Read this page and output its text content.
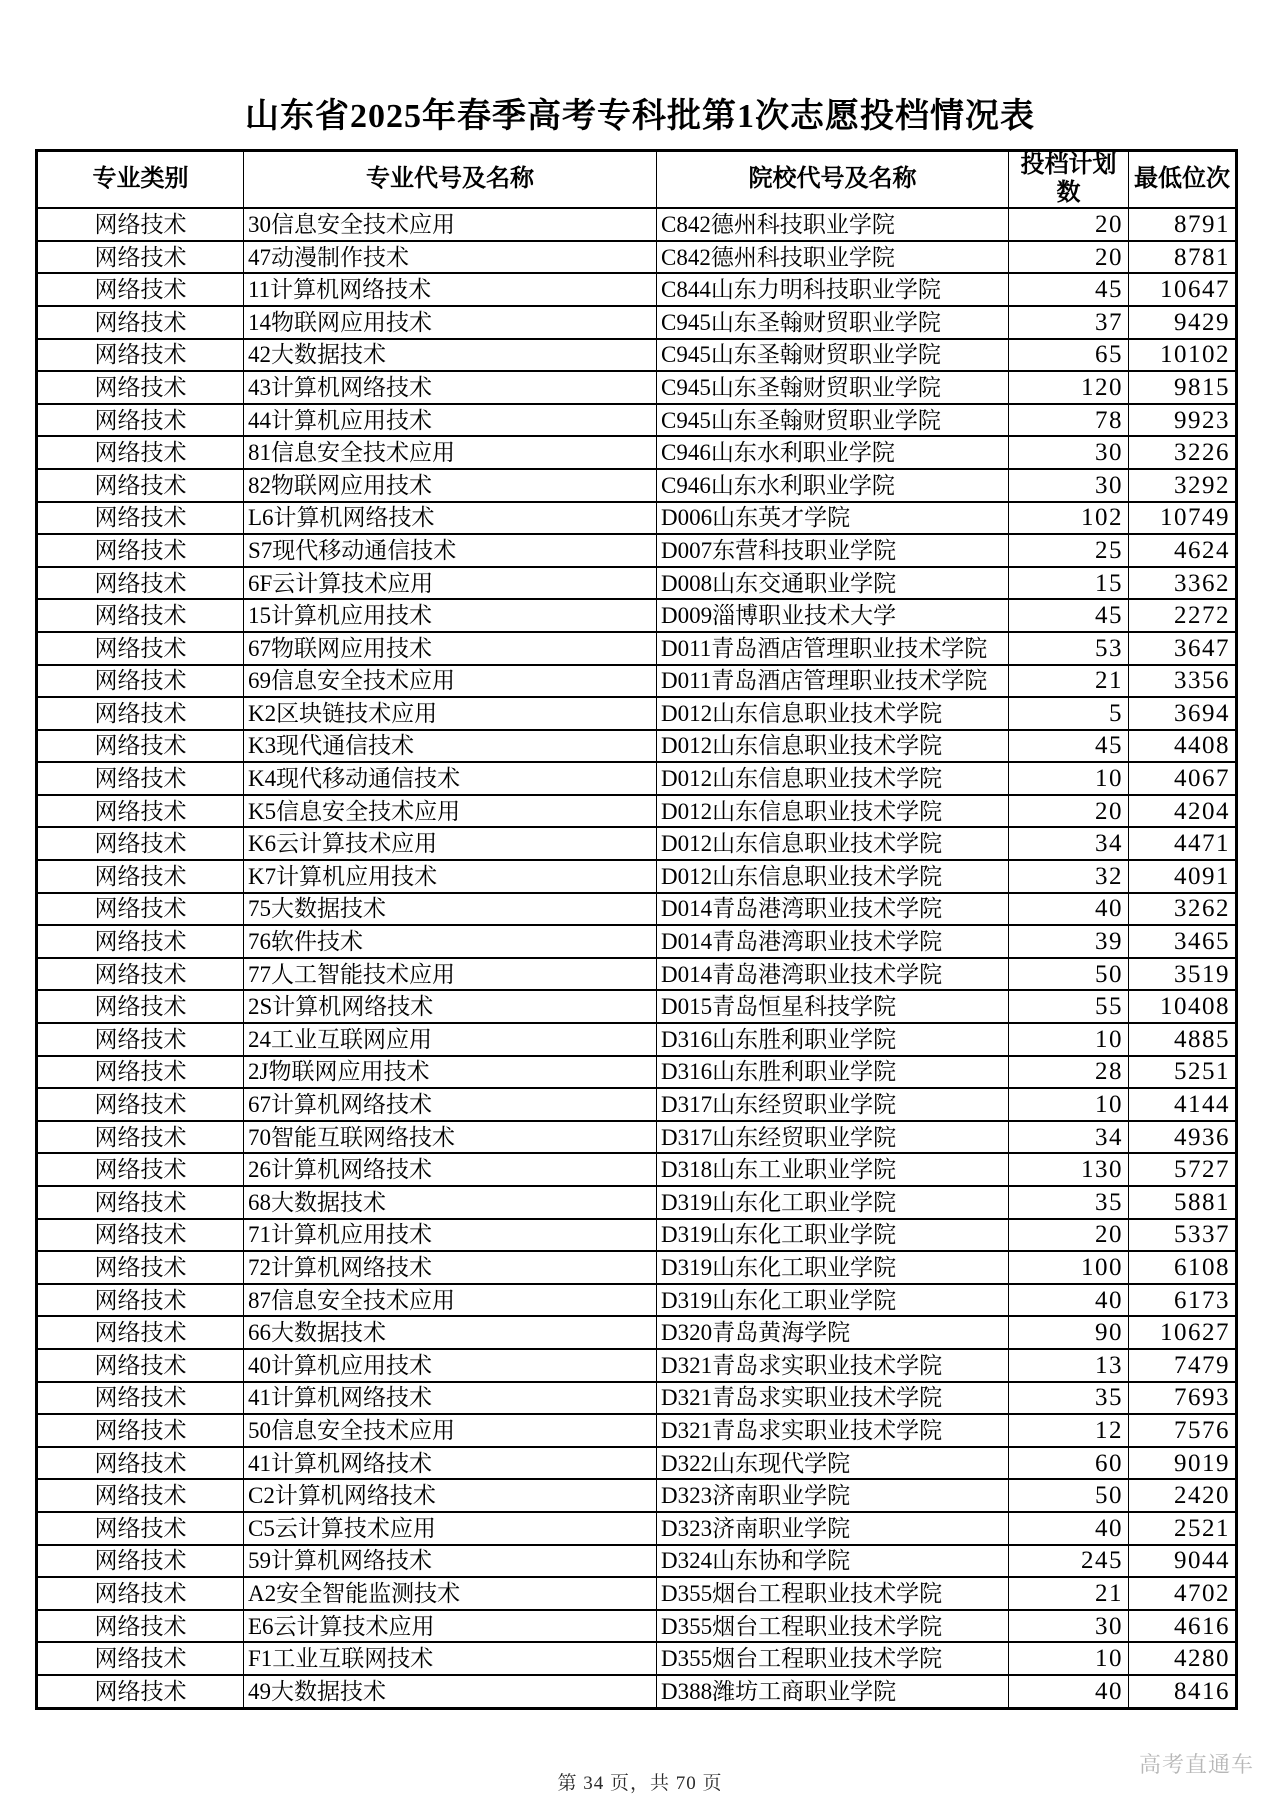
山东省2025年春季高考专科批第1次志愿投档情况表
专业类别	专业代号及名称	院校代号及名称	投档计划数	最低位次
网络技术	30信息安全技术应用	C842德州科技职业学院	20	8791
网络技术	47动漫制作技术	C842德州科技职业学院	20	8781
网络技术	11计算机网络技术	C844山东力明科技职业学院	45	10647
网络技术	14物联网应用技术	C945山东圣翰财贸职业学院	37	9429
网络技术	42大数据技术	C945山东圣翰财贸职业学院	65	10102
网络技术	43计算机网络技术	C945山东圣翰财贸职业学院	120	9815
网络技术	44计算机应用技术	C945山东圣翰财贸职业学院	78	9923
网络技术	81信息安全技术应用	C946山东水利职业学院	30	3226
网络技术	82物联网应用技术	C946山东水利职业学院	30	3292
网络技术	L6计算机网络技术	D006山东英才学院	102	10749
网络技术	S7现代移动通信技术	D007东营科技职业学院	25	4624
网络技术	6F云计算技术应用	D008山东交通职业学院	15	3362
网络技术	15计算机应用技术	D009淄博职业技术大学	45	2272
网络技术	67物联网应用技术	D011青岛酒店管理职业技术学院	53	3647
网络技术	69信息安全技术应用	D011青岛酒店管理职业技术学院	21	3356
网络技术	K2区块链技术应用	D012山东信息职业技术学院	5	3694
网络技术	K3现代通信技术	D012山东信息职业技术学院	45	4408
网络技术	K4现代移动通信技术	D012山东信息职业技术学院	10	4067
网络技术	K5信息安全技术应用	D012山东信息职业技术学院	20	4204
网络技术	K6云计算技术应用	D012山东信息职业技术学院	34	4471
网络技术	K7计算机应用技术	D012山东信息职业技术学院	32	4091
网络技术	75大数据技术	D014青岛港湾职业技术学院	40	3262
网络技术	76软件技术	D014青岛港湾职业技术学院	39	3465
网络技术	77人工智能技术应用	D014青岛港湾职业技术学院	50	3519
网络技术	2S计算机网络技术	D015青岛恒星科技学院	55	10408
网络技术	24工业互联网应用	D316山东胜利职业学院	10	4885
网络技术	2J物联网应用技术	D316山东胜利职业学院	28	5251
网络技术	67计算机网络技术	D317山东经贸职业学院	10	4144
网络技术	70智能互联网络技术	D317山东经贸职业学院	34	4936
网络技术	26计算机网络技术	D318山东工业职业学院	130	5727
网络技术	68大数据技术	D319山东化工职业学院	35	5881
网络技术	71计算机应用技术	D319山东化工职业学院	20	5337
网络技术	72计算机网络技术	D319山东化工职业学院	100	6108
网络技术	87信息安全技术应用	D319山东化工职业学院	40	6173
网络技术	66大数据技术	D320青岛黄海学院	90	10627
网络技术	40计算机应用技术	D321青岛求实职业技术学院	13	7479
网络技术	41计算机网络技术	D321青岛求实职业技术学院	35	7693
网络技术	50信息安全技术应用	D321青岛求实职业技术学院	12	7576
网络技术	41计算机网络技术	D322山东现代学院	60	9019
网络技术	C2计算机网络技术	D323济南职业学院	50	2420
网络技术	C5云计算技术应用	D323济南职业学院	40	2521
网络技术	59计算机网络技术	D324山东协和学院	245	9044
网络技术	A2安全智能监测技术	D355烟台工程职业技术学院	21	4702
网络技术	E6云计算技术应用	D355烟台工程职业技术学院	30	4616
网络技术	F1工业互联网技术	D355烟台工程职业技术学院	10	4280
网络技术	49大数据技术	D388潍坊工商职业学院	40	8416
第 34 页，共 70 页
高考直通车
